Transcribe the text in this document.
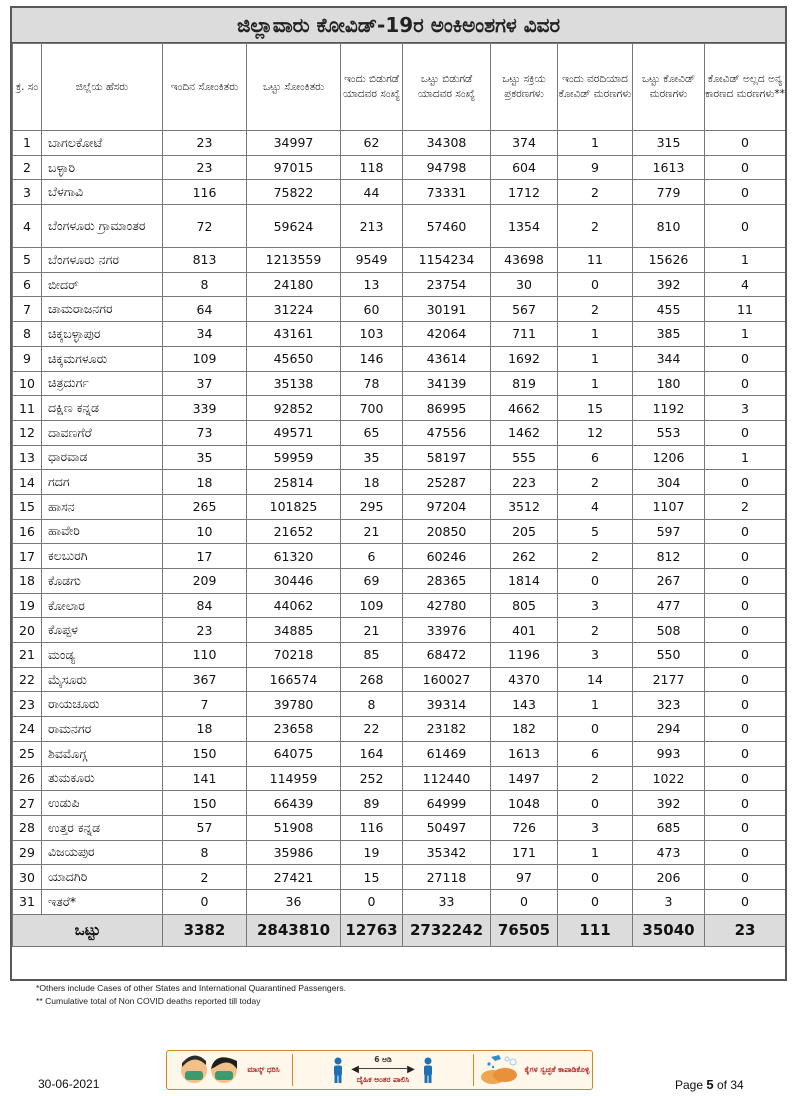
ಜಿಲ್ಲಾವಾರು ಕೋವಿಡ್-19ರ ಅಂಕಿಅಂಶಗಳ ವಿವರ
ಕ್ರ. ಸಂ	ಜಿಲ್ಲೆಯ ಹೆಸರು	ಇಂದಿನ ಸೋಂಕಿತರು	ಒಟ್ಟು ಸೋಂಕಿತರು	ಇಂದು ಬಿಡುಗಡೆ ಯಾದವರ ಸಂಖ್ಯೆ	ಒಟ್ಟು ಬಿಡುಗಡೆ ಯಾದವರ ಸಂಖ್ಯೆ	ಒಟ್ಟು ಸಕ್ರಿಯ ಪ್ರಕರಣಗಳು	ಇಂದು ವರದಿಯಾದ ಕೋವಿಡ್ ಮರಣಗಳು	ಒಟ್ಟು ಕೋವಿಡ್ ಮರಣಗಳು	ಕೋವಿಡ್ ಅಲ್ಲದ ಅನ್ಯ ಕಾರಣದ ಮರಣಗಳು**
1	ಬಾಗಲಕೋಟೆ	23	34997	62	34308	374	1	315	0
2	ಬಳ್ಳಾರಿ	23	97015	118	94798	604	9	1613	0
3	ಬೆಳಗಾವಿ	116	75822	44	73331	1712	2	779	0
4	ಬೆಂಗಳೂರು ಗ್ರಾಮಾಂತರ	72	59624	213	57460	1354	2	810	0
5	ಬೆಂಗಳೂರು ನಗರ	813	1213559	9549	1154234	43698	11	15626	1
6	ಬೀದರ್	8	24180	13	23754	30	0	392	4
7	ಚಾಮರಾಜನಗರ	64	31224	60	30191	567	2	455	11
8	ಚಿಕ್ಕಬಳ್ಳಾಪುರ	34	43161	103	42064	711	1	385	1
9	ಚಿಕ್ಕಮಗಳೂರು	109	45650	146	43614	1692	1	344	0
10	ಚಿತ್ರದುರ್ಗ	37	35138	78	34139	819	1	180	0
11	ದಕ್ಷಿಣ ಕನ್ನಡ	339	92852	700	86995	4662	15	1192	3
12	ದಾವಣಗೆರೆ	73	49571	65	47556	1462	12	553	0
13	ಧಾರವಾಡ	35	59959	35	58197	555	6	1206	1
14	ಗದಗ	18	25814	18	25287	223	2	304	0
15	ಹಾಸನ	265	101825	295	97204	3512	4	1107	2
16	ಹಾವೇರಿ	10	21652	21	20850	205	5	597	0
17	ಕಲಬುರಗಿ	17	61320	6	60246	262	2	812	0
18	ಕೊಡಗು	209	30446	69	28365	1814	0	267	0
19	ಕೋಲಾರ	84	44062	109	42780	805	3	477	0
20	ಕೊಪ್ಪಳ	23	34885	21	33976	401	2	508	0
21	ಮಂಡ್ಯ	110	70218	85	68472	1196	3	550	0
22	ಮೈಸೂರು	367	166574	268	160027	4370	14	2177	0
23	ರಾಯಚೂರು	7	39780	8	39314	143	1	323	0
24	ರಾಮನಗರ	18	23658	22	23182	182	0	294	0
25	ಶಿವಮೊಗ್ಗ	150	64075	164	61469	1613	6	993	0
26	ತುಮಕೂರು	141	114959	252	112440	1497	2	1022	0
27	ಉಡುಪಿ	150	66439	89	64999	1048	0	392	0
28	ಉತ್ತರ ಕನ್ನಡ	57	51908	116	50497	726	3	685	0
29	ವಿಜಯಪುರ	8	35986	19	35342	171	1	473	0
30	ಯಾದಗಿರಿ	2	27421	15	27118	97	0	206	0
31	ಇತರೆ*	0	36	0	33	0	0	3	0
ಒಟ್ಟು		3382	2843810	12763	2732242	76505	111	35040	23
*Others include Cases of other States and International Quarantined Passengers.
** Cumulative total of Non COVID deaths reported till today
ಮಾಸ್ಕ್ ಧರಿಸಿ
6 ಅಡಿ
◀────────▶
ದೈಹಿಕ ಅಂತರ ಪಾಲಿಸಿ
ಕೈಗಳ ಸ್ವಚ್ಛತೆ ಕಾಪಾಡಿಕೊಳ್ಳಿ
30-06-2021	Page 5 of 34
